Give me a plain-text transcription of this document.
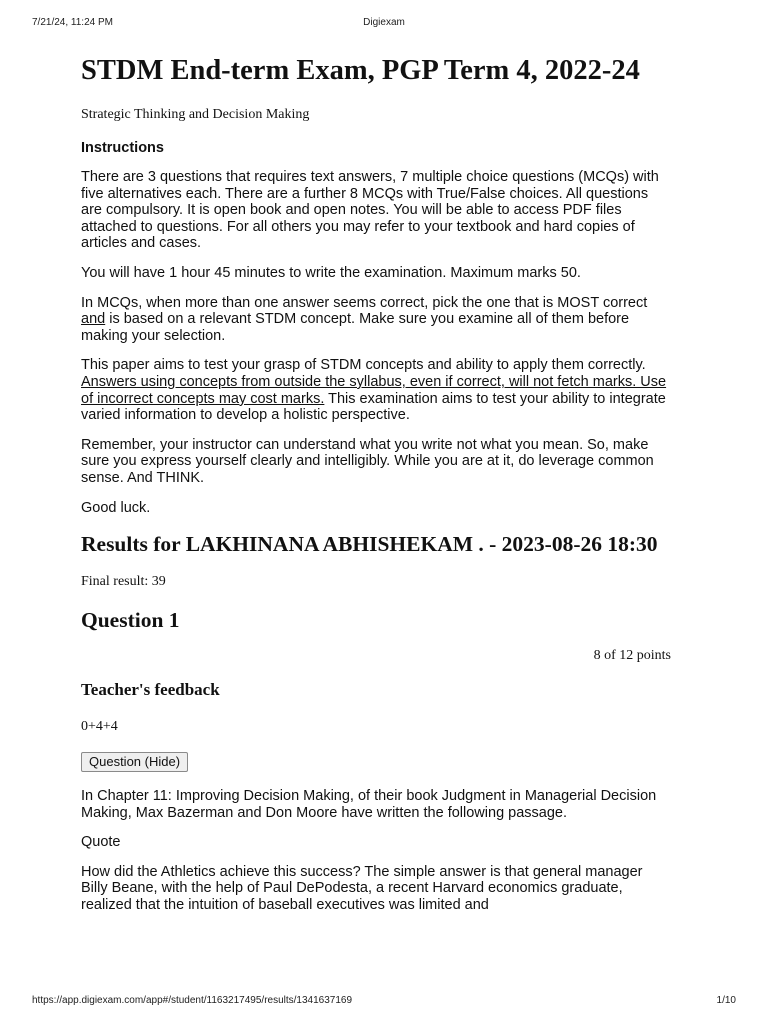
7/21/24, 11:24 PM	Digiexam
STDM End-term Exam, PGP Term 4, 2022-24

Strategic Thinking and Decision Making

Instructions

There are 3 questions that requires text answers, 7 multiple choice questions (MCQs) with five alternatives each. There are a further 8 MCQs with True/False choices. All questions are compulsory. It is open book and open notes. You will be able to access PDF files attached to questions. For all others you may refer to your textbook and hard copies of articles and cases.

You will have 1 hour 45 minutes to write the examination. Maximum marks 50.

In MCQs, when more than one answer seems correct, pick the one that is MOST correct and is based on a relevant STDM concept. Make sure you examine all of them before making your selection.

This paper aims to test your grasp of STDM concepts and ability to apply them correctly. Answers using concepts from outside the syllabus, even if correct, will not fetch marks. Use of incorrect concepts may cost marks. This examination aims to test your ability to integrate varied information to develop a holistic perspective.

Remember, your instructor can understand what you write not what you mean. So, make sure you express yourself clearly and intelligibly. While you are at it, do leverage common sense. And THINK.

Good luck.

Results for LAKHINANA ABHISHEKAM . - 2023-08-26 18:30

Final result: 39

Question 1

8 of 12 points

Teacher's feedback

0+4+4

Question (Hide)

In Chapter 11: Improving Decision Making, of their book Judgment in Managerial Decision Making, Max Bazerman and Don Moore have written the following passage.

Quote

How did the Athletics achieve this success? The simple answer is that general manager Billy Beane, with the help of Paul DePodesta, a recent Harvard economics graduate, realized that the intuition of baseball executives was limited and

https://app.digiexam.com/app#/student/1163217495/results/1341637169	1/10
